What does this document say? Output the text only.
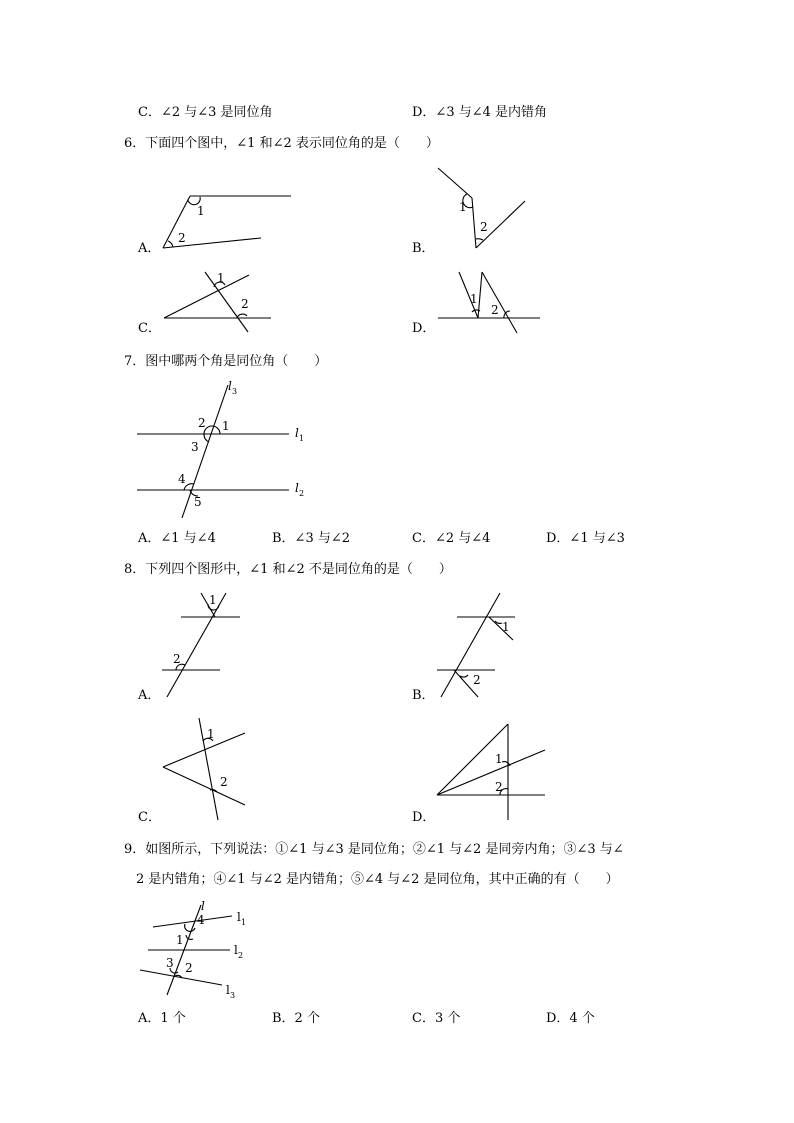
C．∠2 与∠3 是同位角	D．∠3 与∠4 是内错角
6．下面四个图中，∠1 和∠2 表示同位角的是（　　）
A．
1
2
B．
1
2
C．
1
2
D．
1
2
7．图中哪两个角是同位角（　　）
l 3
2 1
3
4
5
l 1
l 2
A．∠1 与∠4	B．∠3 与∠2	C．∠2 与∠4	D．∠1 与∠3
8．下列四个图形中，∠1 和∠2 不是同位角的是（　　）
A．
1
2
B．
1
2
C．
1
2
D．
1
2
9．如图所示，下列说法：①∠1 与∠3 是同位角；②∠1 与∠2 是同旁内角；③∠3 与∠
2 是内错角；④∠1 与∠2 是内错角；⑤∠4 与∠2 是同位角，其中正确的有（　　）
l
4
1
3 2
l 1
l 2
l 3
A．1 个	B．2 个	C．3 个	D．4 个
